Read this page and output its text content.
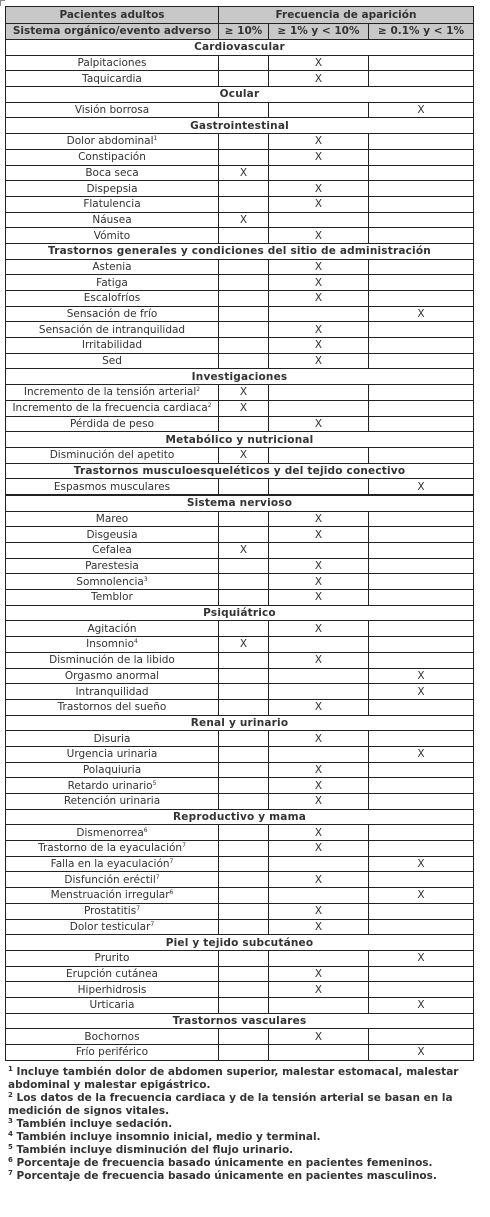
Pacientes adultos	Frecuencia de aparición		
Sistema orgánico/evento adverso	≥ 10%	≥ 1% y < 10%	≥ 0.1% y < 1%
Cardiovascular			
Palpitaciones		X	
Taquicardia		X	
Ocular			
Visión borrosa			X
Gastrointestinal			
Dolor abdominal$^1$		X	
Constipación		X	
Boca seca	X		
Dispepsia		X	
Flatulencia		X	
Náusea	X		
Vómito		X	
Trastornos generales y condiciones del sitio de administración			
Astenia		X	
Fatiga		X	
Escalofríos		X	
Sensación de frío			X
Sensación de intranquilidad		X	
Irritabilidad		X	
Sed		X	
Investigaciones			
Incremento de la tensión arterial$^2$	X		
Incremento de la frecuencia cardiaca$^2$	X		
Pérdida de peso		X	
Metabólico y nutricional			
Disminución del apetito	X		
Trastornos musculoesqueléticos y del tejido conectivo			
Espasmos musculares			X
Sistema nervioso			
Mareo		X	
Disgeusia		X	
Cefalea	X		
Parestesia		X	
Somnolencia$^3$		X	
Temblor		X	
Psiquiátrico			
Agitación		X	
Insomnio$^4$	X		
Disminución de la libido		X	
Orgasmo anormal			X
Intranquilidad			X
Trastornos del sueño		X	
Renal y urinario			
Disuria		X	
Urgencia urinaria			X
Polaquiuria		X	
Retardo urinario$^5$		X	
Retención urinaria		X	
Reproductivo y mama			
Dismenorrea$^6$		X	
Trastorno de la eyaculación$^7$		X	
Falla en la eyaculación$^7$			X
Disfunción eréctil$^7$		X	
Menstruación irregular$^6$			X
Prostatitis$^7$		X	
Dolor testicular$^7$		X	
Piel y tejido subcutáneo			
Prurito			X
Erupción cutánea		X	
Hiperhidrosis		X	
Urticaria			X
Trastornos vasculares			
Bochornos		X	
Frío periférico			X

$^1$ Incluye también dolor de abdomen superior, malestar estomacal, malestar abdominal y malestar epigástrico.

$^2$ Los datos de la frecuencia cardiaca y de la tensión arterial se basan en la medición de signos vitales.

$^3$ También incluye sedación.

$^4$ También incluye insomnio inicial, medio y terminal.

$^5$ También incluye disminución del flujo urinario.

$^6$ Porcentaje de frecuencia basado únicamente en pacientes femeninos.

$^7$ Porcentaje de frecuencia basado únicamente en pacientes masculinos.
